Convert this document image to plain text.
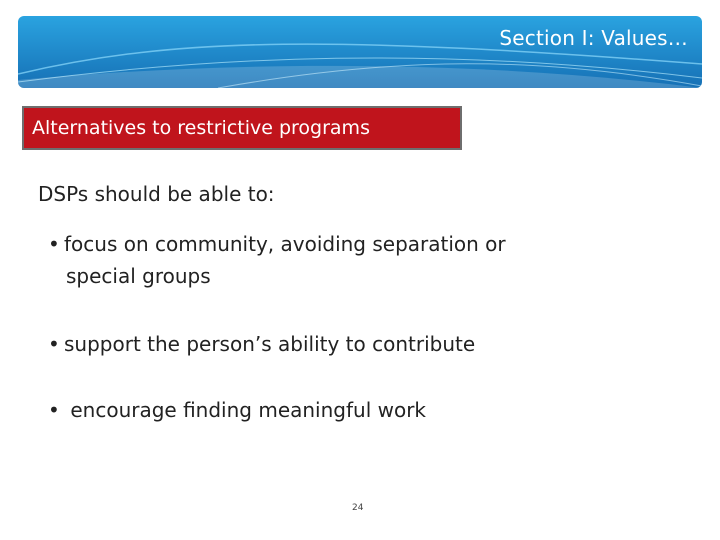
Section I: Values…
Alternatives to restrictive programs
DSPs should be able to:
• focus on community, avoiding separation or
special groups
• support the person’s ability to contribute
• encourage finding meaningful work
24
